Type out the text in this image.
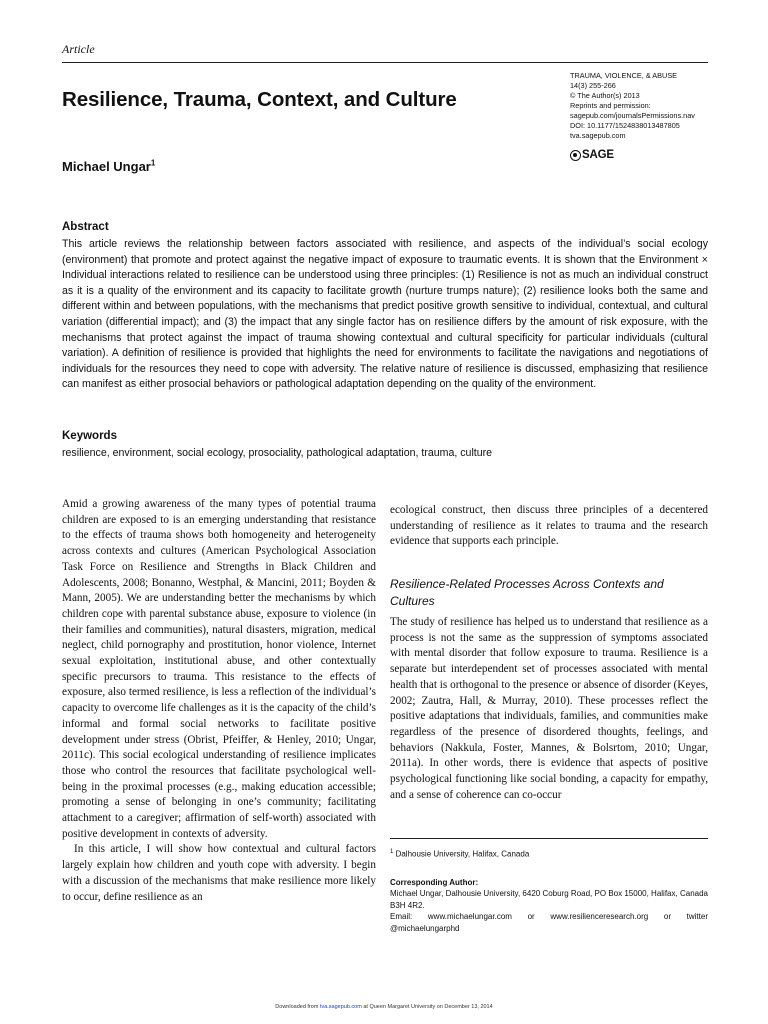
Article
Resilience, Trauma, Context, and Culture
Michael Ungar$^1$
TRAUMA, VIOLENCE, & ABUSE
14(3) 255-266
© The Author(s) 2013
Reprints and permission:
sagepub.com/journalsPermissions.nav
DOI: 10.1177/1524838013487805
tva.sagepub.com
SAGE
Abstract
This article reviews the relationship between factors associated with resilience, and aspects of the individual’s social ecology (environment) that promote and protect against the negative impact of exposure to traumatic events. It is shown that the Environment × Individual interactions related to resilience can be understood using three principles: (1) Resilience is not as much an individual construct as it is a quality of the environment and its capacity to facilitate growth (nurture trumps nature); (2) resilience looks both the same and different within and between populations, with the mechanisms that predict positive growth sensitive to individual, contextual, and cultural variation (differential impact); and (3) the impact that any single factor has on resilience differs by the amount of risk exposure, with the mechanisms that protect against the impact of trauma showing contextual and cultural specificity for particular individuals (cultural variation). A definition of resilience is provided that highlights the need for environments to facilitate the navigations and negotiations of individuals for the resources they need to cope with adversity. The relative nature of resilience is discussed, emphasizing that resilience can manifest as either prosocial behaviors or pathological adaptation depending on the quality of the environment.
Keywords
resilience, environment, social ecology, prosociality, pathological adaptation, trauma, culture

Amid a growing awareness of the many types of potential trauma children are exposed to is an emerging understanding that resistance to the effects of trauma shows both homogeneity and heterogeneity across contexts and cultures (American Psychological Association Task Force on Resilience and Strengths in Black Children and Adolescents, 2008; Bonanno, Westphal, & Mancini, 2011; Boyden & Mann, 2005). We are understanding better the mechanisms by which children cope with parental substance abuse, exposure to violence (in their families and communities), natural disasters, migration, medical neglect, child pornography and prostitution, honor violence, Internet sexual exploitation, institutional abuse, and other contextually specific precursors to trauma. This resistance to the effects of exposure, also termed resilience, is less a reflection of the individual’s capacity to overcome life challenges as it is the capacity of the child’s informal and formal social networks to facilitate positive development under stress (Obrist, Pfeiffer, & Henley, 2010; Ungar, 2011c). This social ecological understanding of resilience implicates those who control the resources that facilitate psychological well-being in the proximal processes (e.g., making education accessible; promoting a sense of belonging in one’s community; facilitating attachment to a caregiver; affirmation of self-worth) associated with positive development in contexts of adversity.

In this article, I will show how contextual and cultural factors largely explain how children and youth cope with adversity. I begin with a discussion of the mechanisms that make resilience more likely to occur, define resilience as an

ecological construct, then discuss three principles of a decentered understanding of resilience as it relates to trauma and the research evidence that supports each principle.

Resilience-Related Processes Across Contexts and Cultures

The study of resilience has helped us to understand that resilience as a process is not the same as the suppression of symptoms associated with mental disorder that follow exposure to trauma. Resilience is a separate but interdependent set of processes associated with mental health that is orthogonal to the presence or absence of disorder (Keyes, 2002; Zautra, Hall, & Murray, 2010). These processes reflect the positive adaptations that individuals, families, and communities make regardless of the presence of disordered thoughts, feelings, and behaviors (Nakkula, Foster, Mannes, & Bolsrtom, 2010; Ungar, 2011a). In other words, there is evidence that aspects of positive psychological functioning like social bonding, a capacity for empathy, and a sense of coherence can co-occur

$^1$ Dalhousie University, Halifax, Canada
Corresponding Author:
Michael Ungar, Dalhousie University, 6420 Coburg Road, PO Box 15000, Halifax, Canada B3H 4R2.
Email: www.michaelungar.com or www.resilienceresearch.org or twitter @michaelungarphd
Downloaded from tva.sagepub.com at Queen Margaret University on December 13, 2014
